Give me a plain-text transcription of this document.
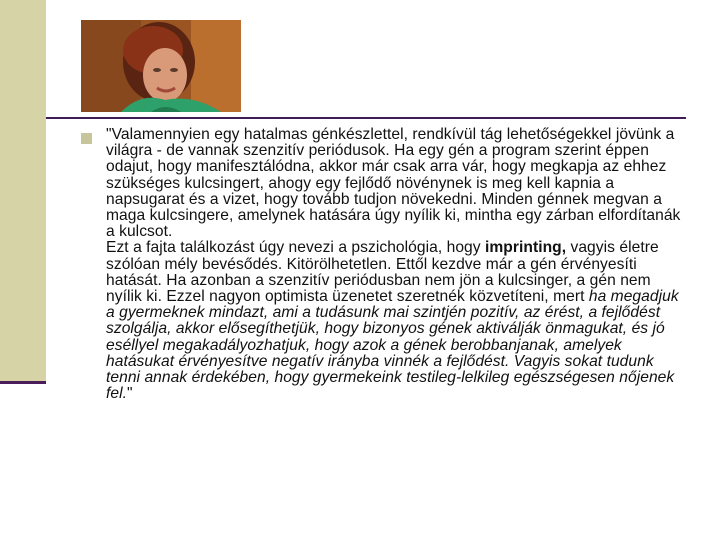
"Valamennyien egy hatalmas génkészlettel, rendkívül tág lehetőségekkel jövünk a világra - de vannak szenzitív periódusok. Ha egy gén a program szerint éppen odajut, hogy manifesztálódna, akkor már csak arra vár, hogy megkapja az ehhez szükséges kulcsingert, ahogy egy fejlődő növénynek is meg kell kapnia a napsugarat és a vizet, hogy tovább tudjon növekedni. Minden génnek megvan a maga kulcsingere, amelynek hatására úgy nyílik ki, mintha egy zárban elfordítanák a kulcsot.

Ezt a fajta találkozást úgy nevezi a pszichológia, hogy imprinting, vagyis életre szólóan mély bevésődés. Kitörölhetetlen. Ettől kezdve már a gén érvényesíti hatását. Ha azonban a szenzitív periódusban nem jön a kulcsinger, a gén nem nyílik ki. Ezzel nagyon optimista üzenetet szeretnék közvetíteni, mert ha megadjuk a gyermeknek mindazt, ami a tudásunk mai szintjén pozitív, az érést, a fejlődést szolgálja, akkor elősegíthetjük, hogy bizonyos gének aktiválják önmagukat, és jó eséllyel megakadályozhatjuk, hogy azok a gének berobbanjanak, amelyek hatásukat érvényesítve negatív irányba vinnék a fejlődést. Vagyis sokat tudunk tenni annak érdekében, hogy gyermekeink testileg-lelkileg egészségesen nőjenek fel."
